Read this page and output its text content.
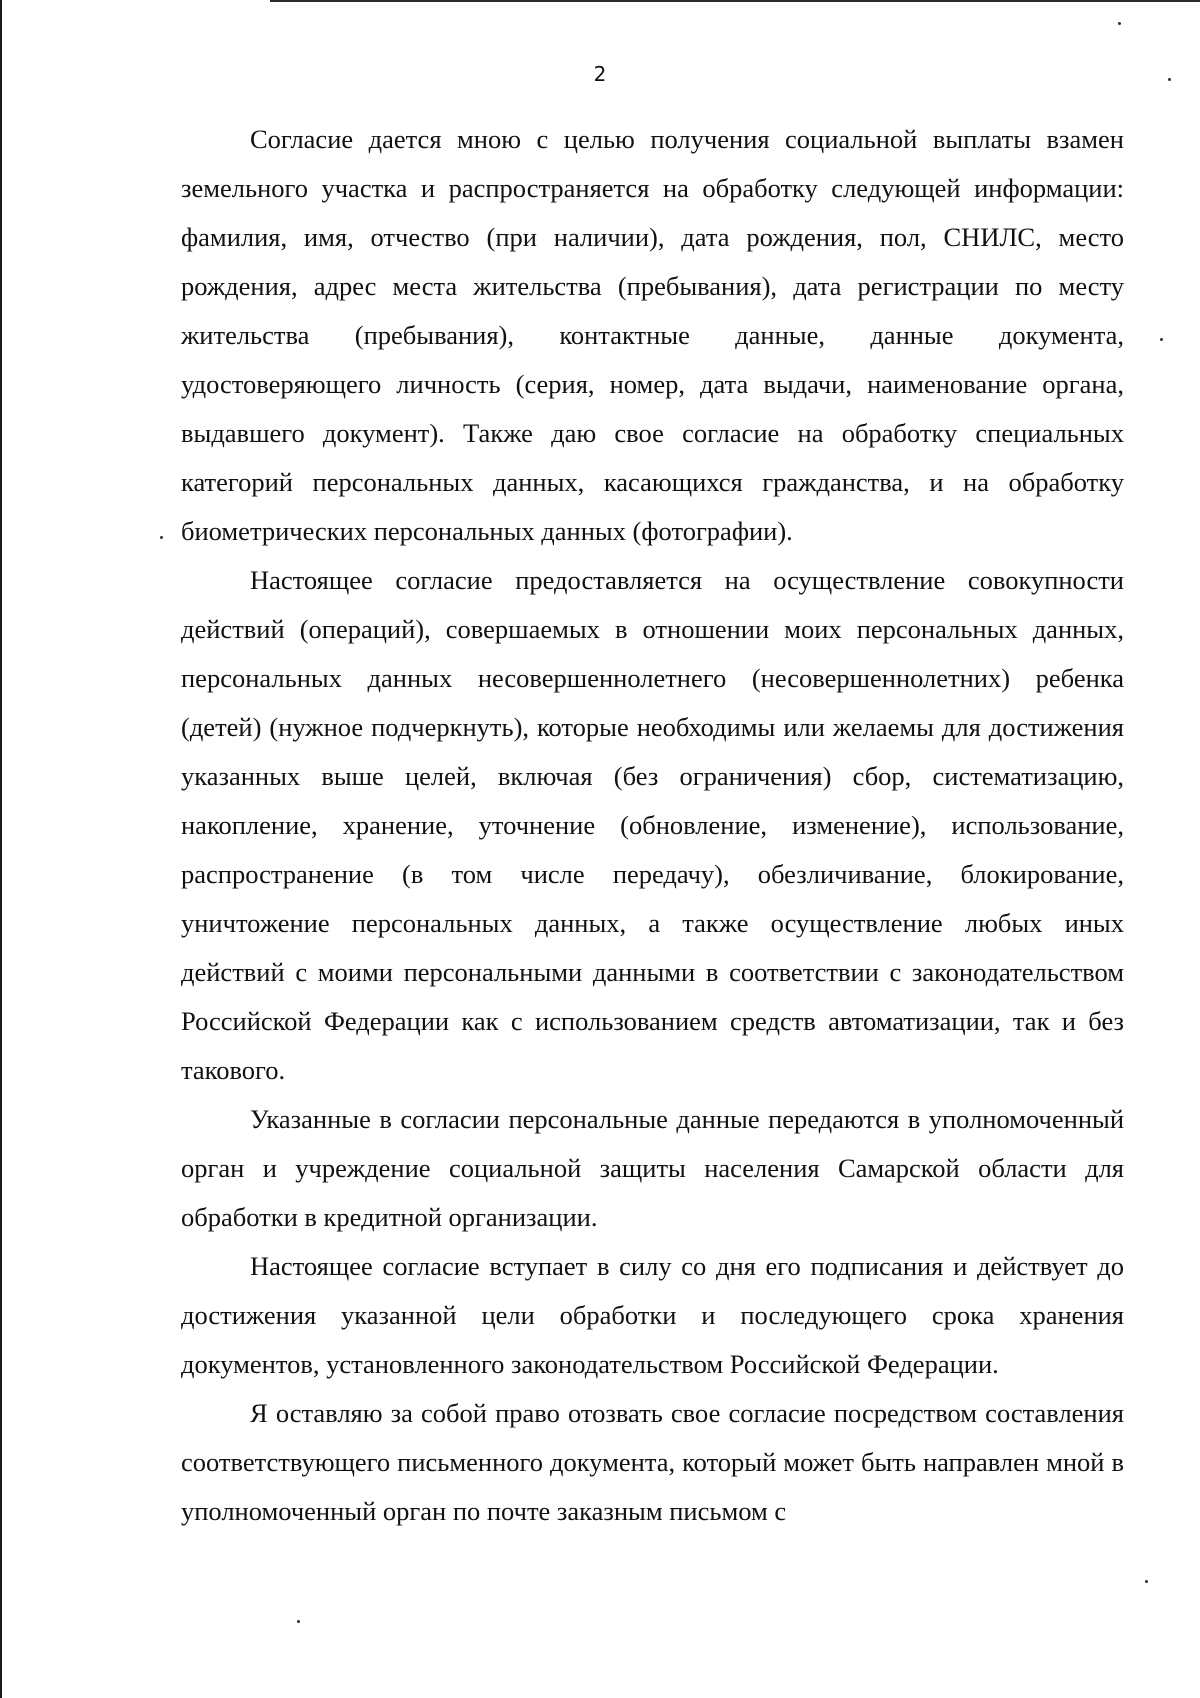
2

Согласие дается мною с целью получения социальной выплаты взамен земельного участка и распространяется на обработку следующей информации: фамилия, имя, отчество (при наличии), дата рождения, пол, СНИЛС, место рождения, адрес места жительства (пребывания), дата регистрации по месту жительства (пребывания), контактные данные, данные документа, удостоверяющего личность (серия, номер, дата выдачи, наименование органа, выдавшего документ). Также даю свое согласие на обработку специальных категорий персональных данных, касающихся гражданства, и на обработку биометрических персональных данных (фотографии).

Настоящее согласие предоставляется на осуществление совокупности действий (операций), совершаемых в отношении моих персональных данных, персональных данных несовершеннолетнего (несовершеннолетних) ребенка (детей) (нужное подчеркнуть), которые необходимы или желаемы для достижения указанных выше целей, включая (без ограничения) сбор, систематизацию, накопление, хранение, уточнение (обновление, изменение), использование, распространение (в том числе передачу), обезличивание, блокирование, уничтожение персональных данных, а также осуществление любых иных действий с моими персональными данными в соответствии с законодательством Российской Федерации как с использованием средств автоматизации, так и без такового.

Указанные в согласии персональные данные передаются в уполномоченный орган и учреждение социальной защиты населения Самарской области для обработки в кредитной организации.

Настоящее согласие вступает в силу со дня его подписания и действует до достижения указанной цели обработки и последующего срока хранения документов, установленного законодательством Российской Федерации.

Я оставляю за собой право отозвать свое согласие посредством составления соответствующего письменного документа, который может быть направлен мной в уполномоченный орган по почте заказным письмом с
